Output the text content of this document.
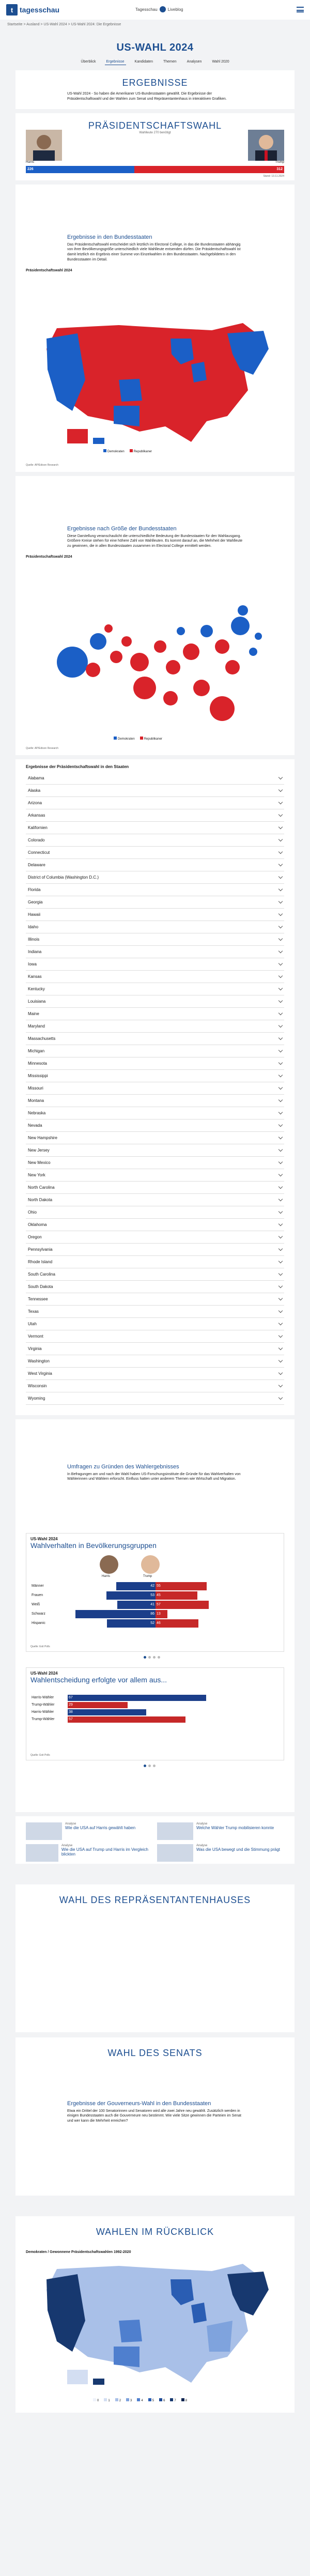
t tagesschau	Tagesschau	Liveblog
Startseite > Ausland > US-Wahl 2024 > US-Wahl 2024: Die Ergebnisse
US-WAHL 2024
Überblick	Ergebnisse	Kandidaten	Themen	Analysen	Wahl 2020
ERGEBNISSE
US-Wahl 2024 - So haben die Amerikaner US-Bundesstaaten gewählt. Die Ergebnisse der Präsidentschaftswahl und der Wahlen zum Senat und Repräsentantenhaus in interaktiven Grafiken.
PRÄSIDENTSCHAFTSWAHL
Wahlleute 270 benötigt
Harris	Trump
226	312
Stand: 13.11.2024
Ergebnisse in den Bundesstaaten
Das Präsidentschaftswahl entscheidet sich letztlich im Electoral College, in das die Bundesstaaten abhängig von ihrer Bevölkerungsgröße unterschiedlich viele Wahlleute entsenden dürfen. Die Präsidentschaftswahl ist damit letztlich ein Ergebnis einer Summe von Einzelwahlen in den Bundesstaaten. Nachgebildetes in den Bundesstaaten im Detail.
Präsidentschaftswahl 2024
Demokraten	Republikaner
Quelle: AP/Edison Research
Ergebnisse nach Größe der Bundesstaaten
Diese Darstellung veranschaulicht die unterschiedliche Bedeutung der Bundesstaaten für den Wahlausgang. Größere Kreise stehen für eine höhere Zahl von Wahlleuten. Es kommt darauf an, die Mehrheit der Wahlleute zu gewinnen, die in allen Bundesstaaten zusammen im Electoral College ermittelt werden.
Präsidentschaftswahl 2024
Demokraten	Republikaner
Quelle: AP/Edison Research
Ergebnisse der Präsidentschaftswahl in den Staaten
Alabama
Alaska
Arizona
Arkansas
Kalifornien
Colorado
Connecticut
Delaware
District of Columbia (Washington D.C.)
Florida
Georgia
Hawaii
Idaho
Illinois
Indiana
Iowa
Kansas
Kentucky
Louisiana
Maine
Maryland
Massachusetts
Michigan
Minnesota
Mississippi
Missouri
Montana
Nebraska
Nevada
New Hampshire
New Jersey
New Mexico
New York
North Carolina
North Dakota
Ohio
Oklahoma
Oregon
Pennsylvania
Rhode Island
South Carolina
South Dakota
Tennessee
Texas
Utah
Vermont
Virginia
Washington
West Virginia
Wisconsin
Wyoming
Umfragen zu Gründen des Wahlergebnisses
In Befragungen am und nach der Wahl haben US-Forschungsinstitute die Gründe für das Wahlverhalten von Wählerinnen und Wählern erforscht. Einfluss hatten unter anderem Themen wie Wirtschaft und Migration.
US-Wahl 2024
Wahlverhalten in Bevölkerungsgruppen
Harris	Trump
Männer	42 55
Frauen	53 45
Weiß	41 57
Schwarz	86 13
Hispanic	52 46
Quelle: Exit Polls
US-Wahl 2024
Wahlentscheidung erfolgte vor allem aus...
Harris-Wähler	67
Trump-Wähler	29
Harris-Wähler	38
Trump-Wähler	57
Quelle: Exit Polls
Analyse
Wie die USA auf Harris gewählt haben
Analyse
Welche Wähler Trump mobilisieren konnte
Analyse
Wie die USA auf Trump und Harris im Vergleich blickten
Analyse
Was die USA bewegt und die Stimmung prägt
WAHL DES REPRÄSENTANTENHAUSES
WAHL DES SENATS
Ergebnisse der Gouverneurs-Wahl in den Bundesstaaten
Etwa ein Drittel der 100 Senatorinnen und Senatoren wird alle zwei Jahre neu gewählt. Zusätzlich werden in einigen Bundesstaaten auch die Gouverneure neu bestimmt. Wie viele Sitze gewinnen die Parteien im Senat und wer kann die Mehrheit erreichen?
WAHLEN IM RÜCKBLICK
Demokraten / Gewonnene Präsidentschaftswahlen 1992-2020
0	1	2	3	4	5	6	7	8
